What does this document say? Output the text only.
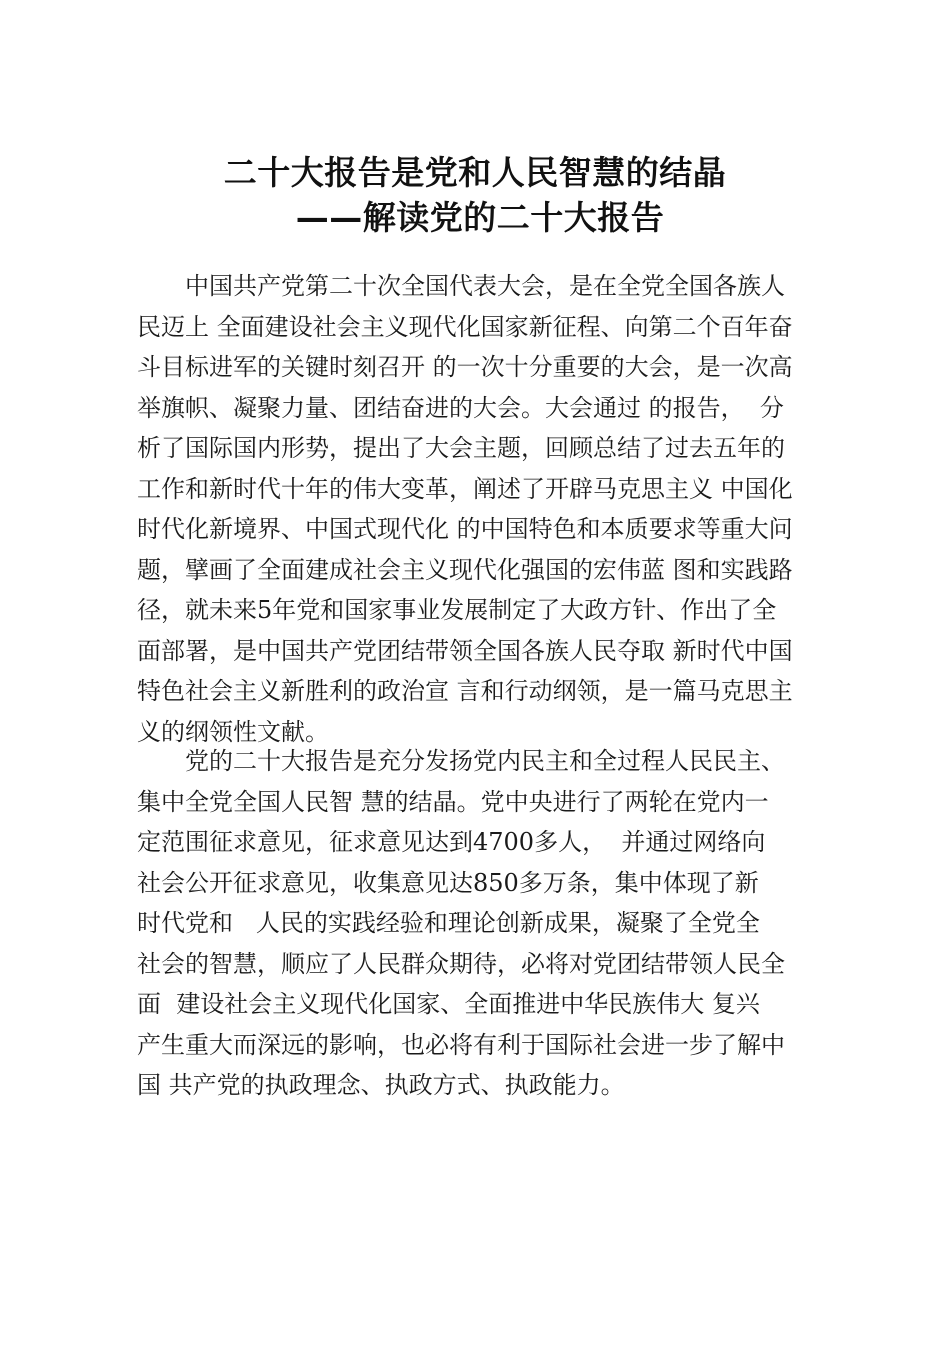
二十大报告是党和人民智慧的结晶
——解读党的二十大报告
　　中国共产党第二十次全国代表大会，是在全党全国各族人
民迈上 全面建设社会主义现代化国家新征程、向第二个百年奋
斗目标进军的关键时刻召开 的一次十分重要的大会，是一次高
举旗帜、凝聚力量、团结奋进的大会。大会通过 的报告，  分
析了国际国内形势，提出了大会主题，回顾总结了过去五年的
工作和新时代十年的伟大变革，阐述了开辟马克思主义 中国化
时代化新境界、中国式现代化 的中国特色和本质要求等重大问
题，擘画了全面建成社会主义现代化强国的宏伟蓝 图和实践路
径，就未来5年党和国家事业发展制定了大政方针、作出了全
面部署，是中国共产党团结带领全国各族人民夺取 新时代中国
特色社会主义新胜利的政治宣 言和行动纲领，是一篇马克思主
义的纲领性文献。
　　党的二十大报告是充分发扬党内民主和全过程人民民主、
集中全党全国人民智 慧的结晶。党中央进行了两轮在党内一
定范围征求意见，征求意见达到4700多人，  并通过网络向
社会公开征求意见，收集意见达850多万条，集中体现了新
时代党和   人民的实践经验和理论创新成果，凝聚了全党全
社会的智慧，顺应了人民群众期待，必将对党团结带领人民全
面  建设社会主义现代化国家、全面推进中华民族伟大 复兴
产生重大而深远的影响，也必将有利于国际社会进一步了解中
国 共产党的执政理念、执政方式、执政能力。
